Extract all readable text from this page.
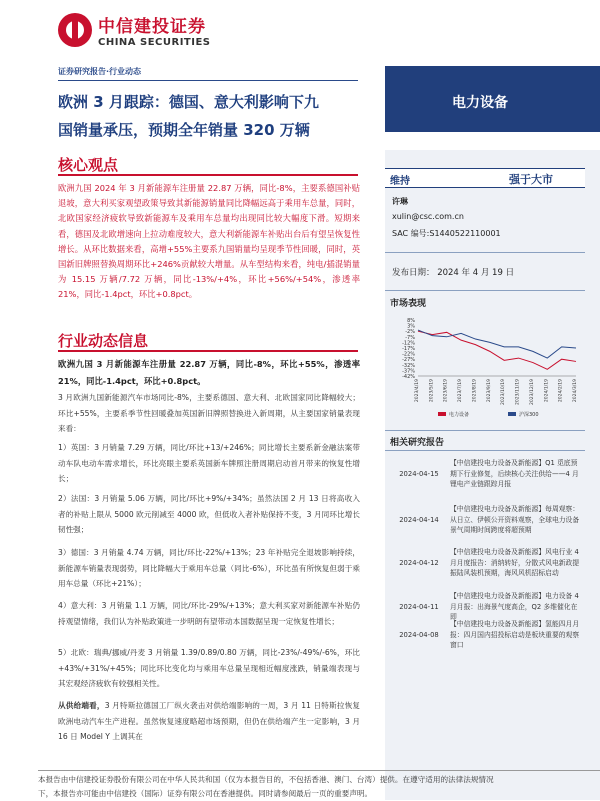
中信建投证券
CHINA SECURITIES
证券研究报告·行业动态
欧洲 3 月跟踪：德国、意大利影响下九
国销量承压，预期全年销量 320 万辆
电力设备
核心观点
欧洲九国 2024 年 3 月新能源车注册量 22.87 万辆，同比-8%，主要系德国补贴退坡，意大利买家观望政策导致其新能源销量同比降幅远高于乘用车总量，同时，北欧国家经济疲软导致新能源车及乘用车总量均出现同比较大幅度下滑。短期来看，德国及北欧增速向上拉动难度较大，意大利新能源车补贴出台后有望呈恢复性增长。从环比数据来看，高增+55%主要系九国销量均呈现季节性回暖，同时，英国新旧牌照替换周期环比+246%贡献较大增量。从车型结构来看，纯电/插混销量为 15.15 万辆/7.72 万辆，同比-13%/+4%，环比+56%/+54%，渗透率 21%，同比-1.4pct，环比+0.8pct。
行业动态信息
欧洲九国 3 月新能源车注册量 22.87 万辆，同比-8%，环比+55%，渗透率 21%，同比-1.4pct，环比+0.8pct。
3 月欧洲九国新能源汽车市场同比-8%，主要系德国、意大利、北欧国家同比降幅较大；环比+55%，主要系季节性回暖叠加英国新旧牌照替换进入新周期，从主要国家销量表现来看：
1）英国：3 月销量 7.29 万辆，同比/环比+13/+246%；同比增长主要系新金融法案带动车队电动车需求增长，环比亮眼主要系英国新车牌照注册周期启动首月带来的恢复性增长；
2）法国：3 月销量 5.06 万辆，同比/环比+9%/+34%；虽然法国 2 月 13 日将高收入者的补贴上限从 5000 欧元削减至 4000 欧，但低收入者补贴保持不变，3 月同环比增长韧性强；
3）德国：3 月销量 4.74 万辆，同比/环比-22%/+13%；23 年补贴完全退坡影响持续，新能源车销量表现弱势，同比降幅大于乘用车总量（同比-6%），环比虽有所恢复但弱于乘用车总量（环比+21%）；
4）意大利：3 月销量 1.1 万辆，同比/环比-29%/+13%；意大利买家对新能源车补贴仍持观望情绪，我们认为补贴政策进一步明朗有望带动本国数据呈现一定恢复性增长；
5）北欧：瑞典/挪威/丹麦 3 月销量 1.39/0.89/0.80 万辆，同比-23%/-49%/-6%，环比+43%/+31%/+45%；同比环比变化均与乘用车总量呈现相近幅度涨跌，销量端表现与其宏观经济疲软有较强相关性。
从供给端看，3 月特斯拉德国工厂纵火袭击对供给端影响的一周，3 月 11 日特斯拉恢复欧洲电动汽车生产进程。虽然恢复速度略超市场预期，但仍在供给端产生一定影响，3 月 16 日 Model Y 上调其在
维持	强于大市
许琳
xulin@csc.com.cn
SAC 编号:S1440522110001
发布日期： 2024 年 4 月 19 日
市场表现
8%
3%
-2%
-7%
-12%
-17%
-22%
-27%
-32%
-37%
-42%
2023/4/19 2023/5/19 2023/6/19 2023/7/19 2023/8/19 2023/9/19 2023/10/19 2023/11/19 2023/12/19 2024/1/19 2024/2/19 2024/3/19
电力设备	沪深300
相关研究报告
2024-04-15
【中信建投电力设备及新能源】Q1 觅底预期下行业修复，后续核心关注供给——4 月锂电产业链跟踪月报
2024-04-14
【中信建投电力设备及新能源】每周观察：从日立、伊顿公开资料观察，全球电力设备景气周期时间跨度将超预期
2024-04-12
【中信建投电力设备及新能源】风电行业 4 月月度报告：消纳转好，分散式风电新政提振陆风装机预期，海风风机招标启动
2024-04-11
【中信建投电力设备及新能源】电力设备 4 月月报：出海景气度高企，Q2 多维催化在即
2024-04-08
【中信建投电力设备及新能源】氢能四月月报：四月国内招投标启动是板块重要的观察窗口
本报告由中信建投证券股份有限公司在中华人民共和国（仅为本报告目的，不包括香港、澳门、台湾）提供。在遵守适用的法律法规情况
下，本报告亦可能由中信建投（国际）证券有限公司在香港提供。同时请参阅最后一页的重要声明。
